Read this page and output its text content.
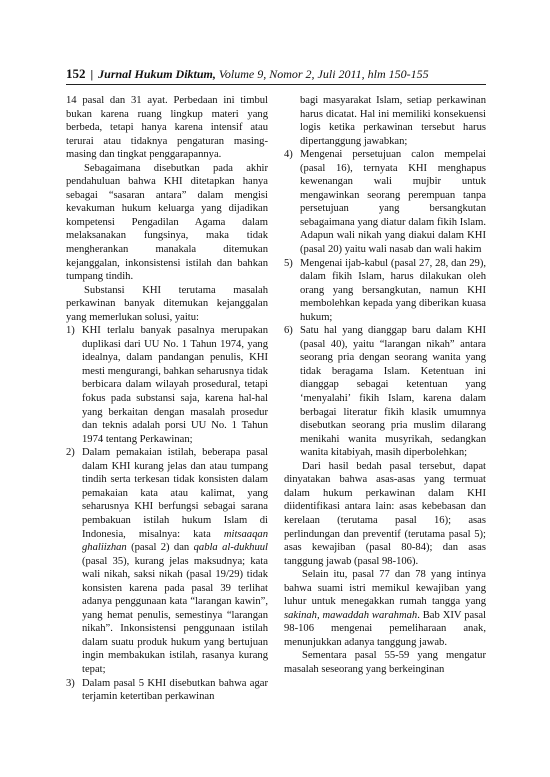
152 | Jurnal Hukum Diktum, Volume 9, Nomor 2, Juli 2011, hlm 150-155

14 pasal dan 31 ayat. Perbedaan ini timbul bukan karena ruang lingkup materi yang berbeda, tetapi hanya karena intensif atau terurai atau tidaknya pengaturan masing-masing dan tingkat penggarapannya.

Sebagaimana disebutkan pada akhir pendahuluan bahwa KHI ditetapkan hanya sebagai “sasaran antara” dalam mengisi kevakuman hukum keluarga yang dijadikan kompetensi Pengadilan Agama dalam melaksanakan fungsinya, maka tidak mengherankan manakala ditemukan kejanggalan, inkonsistensi istilah dan bahkan tumpang tindih.

Substansi KHI terutama masalah perkawinan banyak ditemukan kejanggalan yang memerlukan solusi, yaitu:

1) KHI terlalu banyak pasalnya merupakan duplikasi dari UU No. 1 Tahun 1974, yang idealnya, dalam pandangan penulis, KHI mesti mengurangi, bahkan seharusnya tidak berbicara dalam wilayah prosedural, tetapi fokus pada substansi saja, karena hal-hal yang berkaitan dengan masalah prosedur dan teknis adalah porsi UU No. 1 Tahun 1974 tentang Perkawinan;
2) Dalam pemakaian istilah, beberapa pasal dalam KHI kurang jelas dan atau tumpang tindih serta terkesan tidak konsisten dalam pemakaian kata atau kalimat, yang seharusnya KHI berfungsi sebagai sarana pembakuan istilah hukum Islam di Indonesia, misalnya: kata mitsaaqan ghaliizhan (pasal 2) dan qabla al-dukhuul (pasal 35), kurang jelas maksudnya; kata wali nikah, saksi nikah (pasal 19/29) tidak konsisten karena pada pasal 39 terlihat adanya penggunaan kata “larangan kawin”, yang hemat penulis, semestinya “larangan nikah”. Inkonsistensi penggunaan istilah dalam suatu produk hukum yang bertujuan ingin membakukan istilah, rasanya kurang tepat;
3) Dalam pasal 5 KHI disebutkan bahwa agar terjamin ketertiban perkawinan
bagi masyarakat Islam, setiap perkawinan harus dicatat. Hal ini memiliki konsekuensi logis ketika perkawinan tersebut harus dipertanggung jawabkan;
4) Mengenai persetujuan calon mempelai (pasal 16), ternyata KHI menghapus kewenangan wali mujbir untuk mengawinkan seorang perempuan tanpa persetujuan yang bersangkutan sebagaimana yang diatur dalam fikih Islam. Adapun wali nikah yang diakui dalam KHI (pasal 20) yaitu wali nasab dan wali hakim
5) Mengenai ijab-kabul (pasal 27, 28, dan 29), dalam fikih Islam, harus dilakukan oleh orang yang bersangkutan, namun KHI membolehkan kepada yang diberikan kuasa hukum;
6) Satu hal yang dianggap baru dalam KHI (pasal 40), yaitu “larangan nikah” antara seorang pria dengan seorang wanita yang tidak beragama Islam. Ketentuan ini dianggap sebagai ketentuan yang ‘menyalahi’ fikih Islam, karena dalam berbagai literatur fikih klasik umumnya disebutkan seorang pria muslim dilarang menikahi wanita musyrikah, sedangkan wanita kitabiyah, masih diperbolehkan;

Dari hasil bedah pasal tersebut, dapat dinyatakan bahwa asas-asas yang termuat dalam hukum perkawinan dalam KHI diidentifikasi antara lain: asas kebebasan dan kerelaan (terutama pasal 16); asas perlindungan dan preventif (terutama pasal 5); asas kewajiban (pasal 80-84); dan asas tanggung jawab (pasal 98-106).

Selain itu, pasal 77 dan 78 yang intinya bahwa suami istri memikul kewajiban yang luhur untuk menegakkan rumah tangga yang sakinah, mawaddah warahmah. Bab XIV pasal 98-106 mengenai pemeliharaan anak, menunjukkan adanya tanggung jawab.

Sementara pasal 55-59 yang mengatur masalah seseorang yang berkeinginan
